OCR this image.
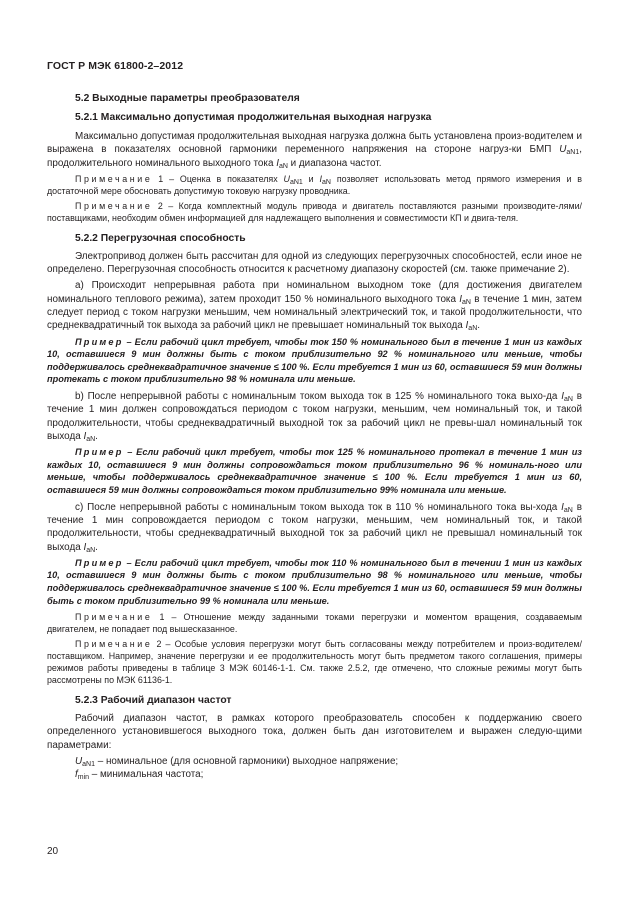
ГОСТ Р МЭК 61800-2–2012
5.2 Выходные параметры преобразователя
5.2.1 Максимально допустимая продолжительная выходная нагрузка
Максимально допустимая продолжительная выходная нагрузка должна быть установлена произ-водителем и выражена в показателях основной гармоники переменного напряжения на стороне нагруз-ки БМП $U_{aN1}$, продолжительного номинального выходного тока $I_{aN}$ и диапазона частот.
Примечание 1 – Оценка в показателях $U_{aN1}$ и $I_{aN}$ позволяет использовать метод прямого измерения и в достаточной мере обосновать допустимую токовую нагрузку проводника.
Примечание 2 – Когда комплектный модуль привода и двигатель поставляются разными производите-лями/поставщиками, необходим обмен информацией для надлежащего выполнения и совместимости КП и двига-теля.
5.2.2 Перегрузочная способность
Электропривод должен быть рассчитан для одной из следующих перегрузочных способностей, если иное не определено. Перегрузочная способность относится к расчетному диапазону скоростей (см. также примечание 2).
а) Происходит непрерывная работа при номинальном выходном токе (для достижения двигателем номинального теплового режима), затем проходит 150 % номинального выходного тока $I_{aN}$ в течение 1 мин, затем следует период с током нагрузки меньшим, чем номинальный электрический ток, и такой продолжительности, что среднеквадратичный ток выхода за рабочий цикл не превышает номинальный ток выхода $I_{aN}$.
Пример – Если рабочий цикл требует, чтобы ток 150 % номинального был в течение 1 мин из каждых 10, оставшиеся 9 мин должны быть с током приблизительно 92 % номинального или меньше, чтобы поддерживалось среднеквадратичное значение ≤ 100 %. Если требуется 1 мин из 60, оставшиеся 59 мин должны протекать с током приблизительно 98 % номинала или меньше.
b) После непрерывной работы с номинальным током выхода ток в 125 % номинального тока выхо-да $I_{aN}$ в течение 1 мин должен сопровождаться периодом с током нагрузки, меньшим, чем номинальный ток, и такой продолжительности, чтобы среднеквадратичный выходной ток за рабочий цикл не превы-шал номинальный ток выхода $I_{aN}$.
Пример – Если рабочий цикл требует, чтобы ток 125 % номинального протекал в течение 1 мин из каждых 10, оставшиеся 9 мин должны сопровождаться током приблизительно 96 % номиналь-ного или меньше, чтобы поддерживалось среднеквадратичное значение ≤ 100 %. Если требуется 1 мин из 60, оставшиеся 59 мин должны сопровождаться током приблизительно 99% номинала или меньше.
c) После непрерывной работы с номинальным током выхода ток в 110 % номинального тока вы-хода $I_{aN}$ в течение 1 мин сопровождается периодом с током нагрузки, меньшим, чем номинальный ток, и такой продолжительности, чтобы среднеквадратичный выходной ток за рабочий цикл не превышал номинальный ток выхода $I_{aN}$.
Пример – Если рабочий цикл требует, чтобы ток 110 % номинального был в течении 1 мин из каждых 10, оставшиеся 9 мин должны быть с током приблизительно 98 % номинального или меньше, чтобы поддерживалось среднеквадратичное значение ≤ 100 %. Если требуется 1 мин из 60, оставшиеся 59 мин должны быть с током приблизительно 99 % номинала или меньше.
Примечание 1 – Отношение между заданными токами перегрузки и моментом вращения, создаваемым двигателем, не попадает под вышесказанное.
Примечание 2 – Особые условия перегрузки могут быть согласованы между потребителем и произ-водителем/поставщиком. Например, значение перегрузки и ее продолжительность могут быть предметом такого соглашения, примеры режимов работы приведены в таблице 3 МЭК 60146-1-1. См. также 2.5.2, где отмечено, что сложные режимы могут быть рассмотрены по МЭК 61136-1.
5.2.3 Рабочий диапазон частот
Рабочий диапазон частот, в рамках которого преобразователь способен к поддержанию своего определенного установившегося выходного тока, должен быть дан изготовителем и выражен следую-щими параметрами:
$U_{aN1}$ – номинальное (для основной гармоники) выходное напряжение;
$f_{min}$ – минимальная частота;
20
